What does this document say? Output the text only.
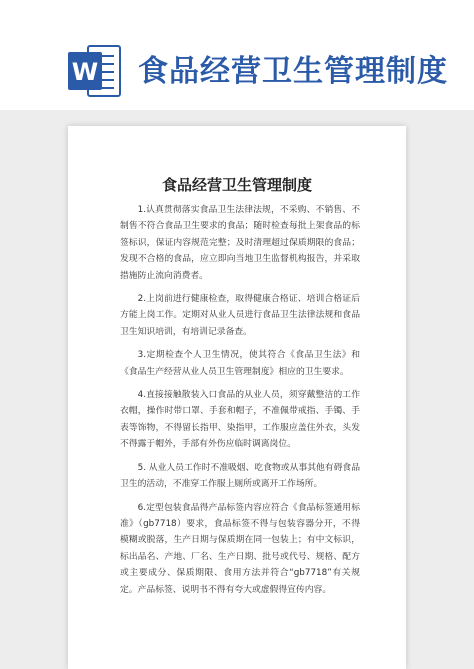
W 食品经营卫生管理制度
食品经营卫生管理制度

1.认真贯彻落实食品卫生法律法规，不采购、不销售、不制售不符合食品卫生要求的食品；随时检查每批上架食品的标签标识，保证内容规范完整；及时清理超过保质期限的食品；发现不合格的食品，应立即向当地卫生监督机构报告，并采取措施防止流向消费者。

2.上岗前进行健康检查，取得健康合格证、培训合格证后方能上岗工作。定期对从业人员进行食品卫生法律法规和食品卫生知识培训，有培训记录备查。

3.定期检查个人卫生情况，使其符合《食品卫生法》和《食品生产经营从业人员卫生管理制度》相应的卫生要求。

4.直接接触散装入口食品的从业人员，须穿戴整洁的工作衣帽，操作时带口罩、手套和帽子，不准佩带戒指、手镯、手表等饰物，不得留长指甲、染指甲，工作服应盖住外衣，头发不得露于帽外，手部有外伤应临时调离岗位。

5. 从业人员工作时不准吸烟、吃食物或从事其他有碍食品卫生的活动，不准穿工作服上厕所或离开工作场所。

6.定型包装食品得产品标签内容应符合《食品标签通用标准》（gb7718）要求，食品标签不得与包装容器分开，不得模糊或脱落，生产日期与保质期在同一包装上；有中文标识，标出品名、产地、厂名、生产日期、批号或代号、规格、配方或主要成分、保质期限、食用方法并符合“gb7718”有关规定。产品标签、说明书不得有夸大或虚假得宣传内容。
